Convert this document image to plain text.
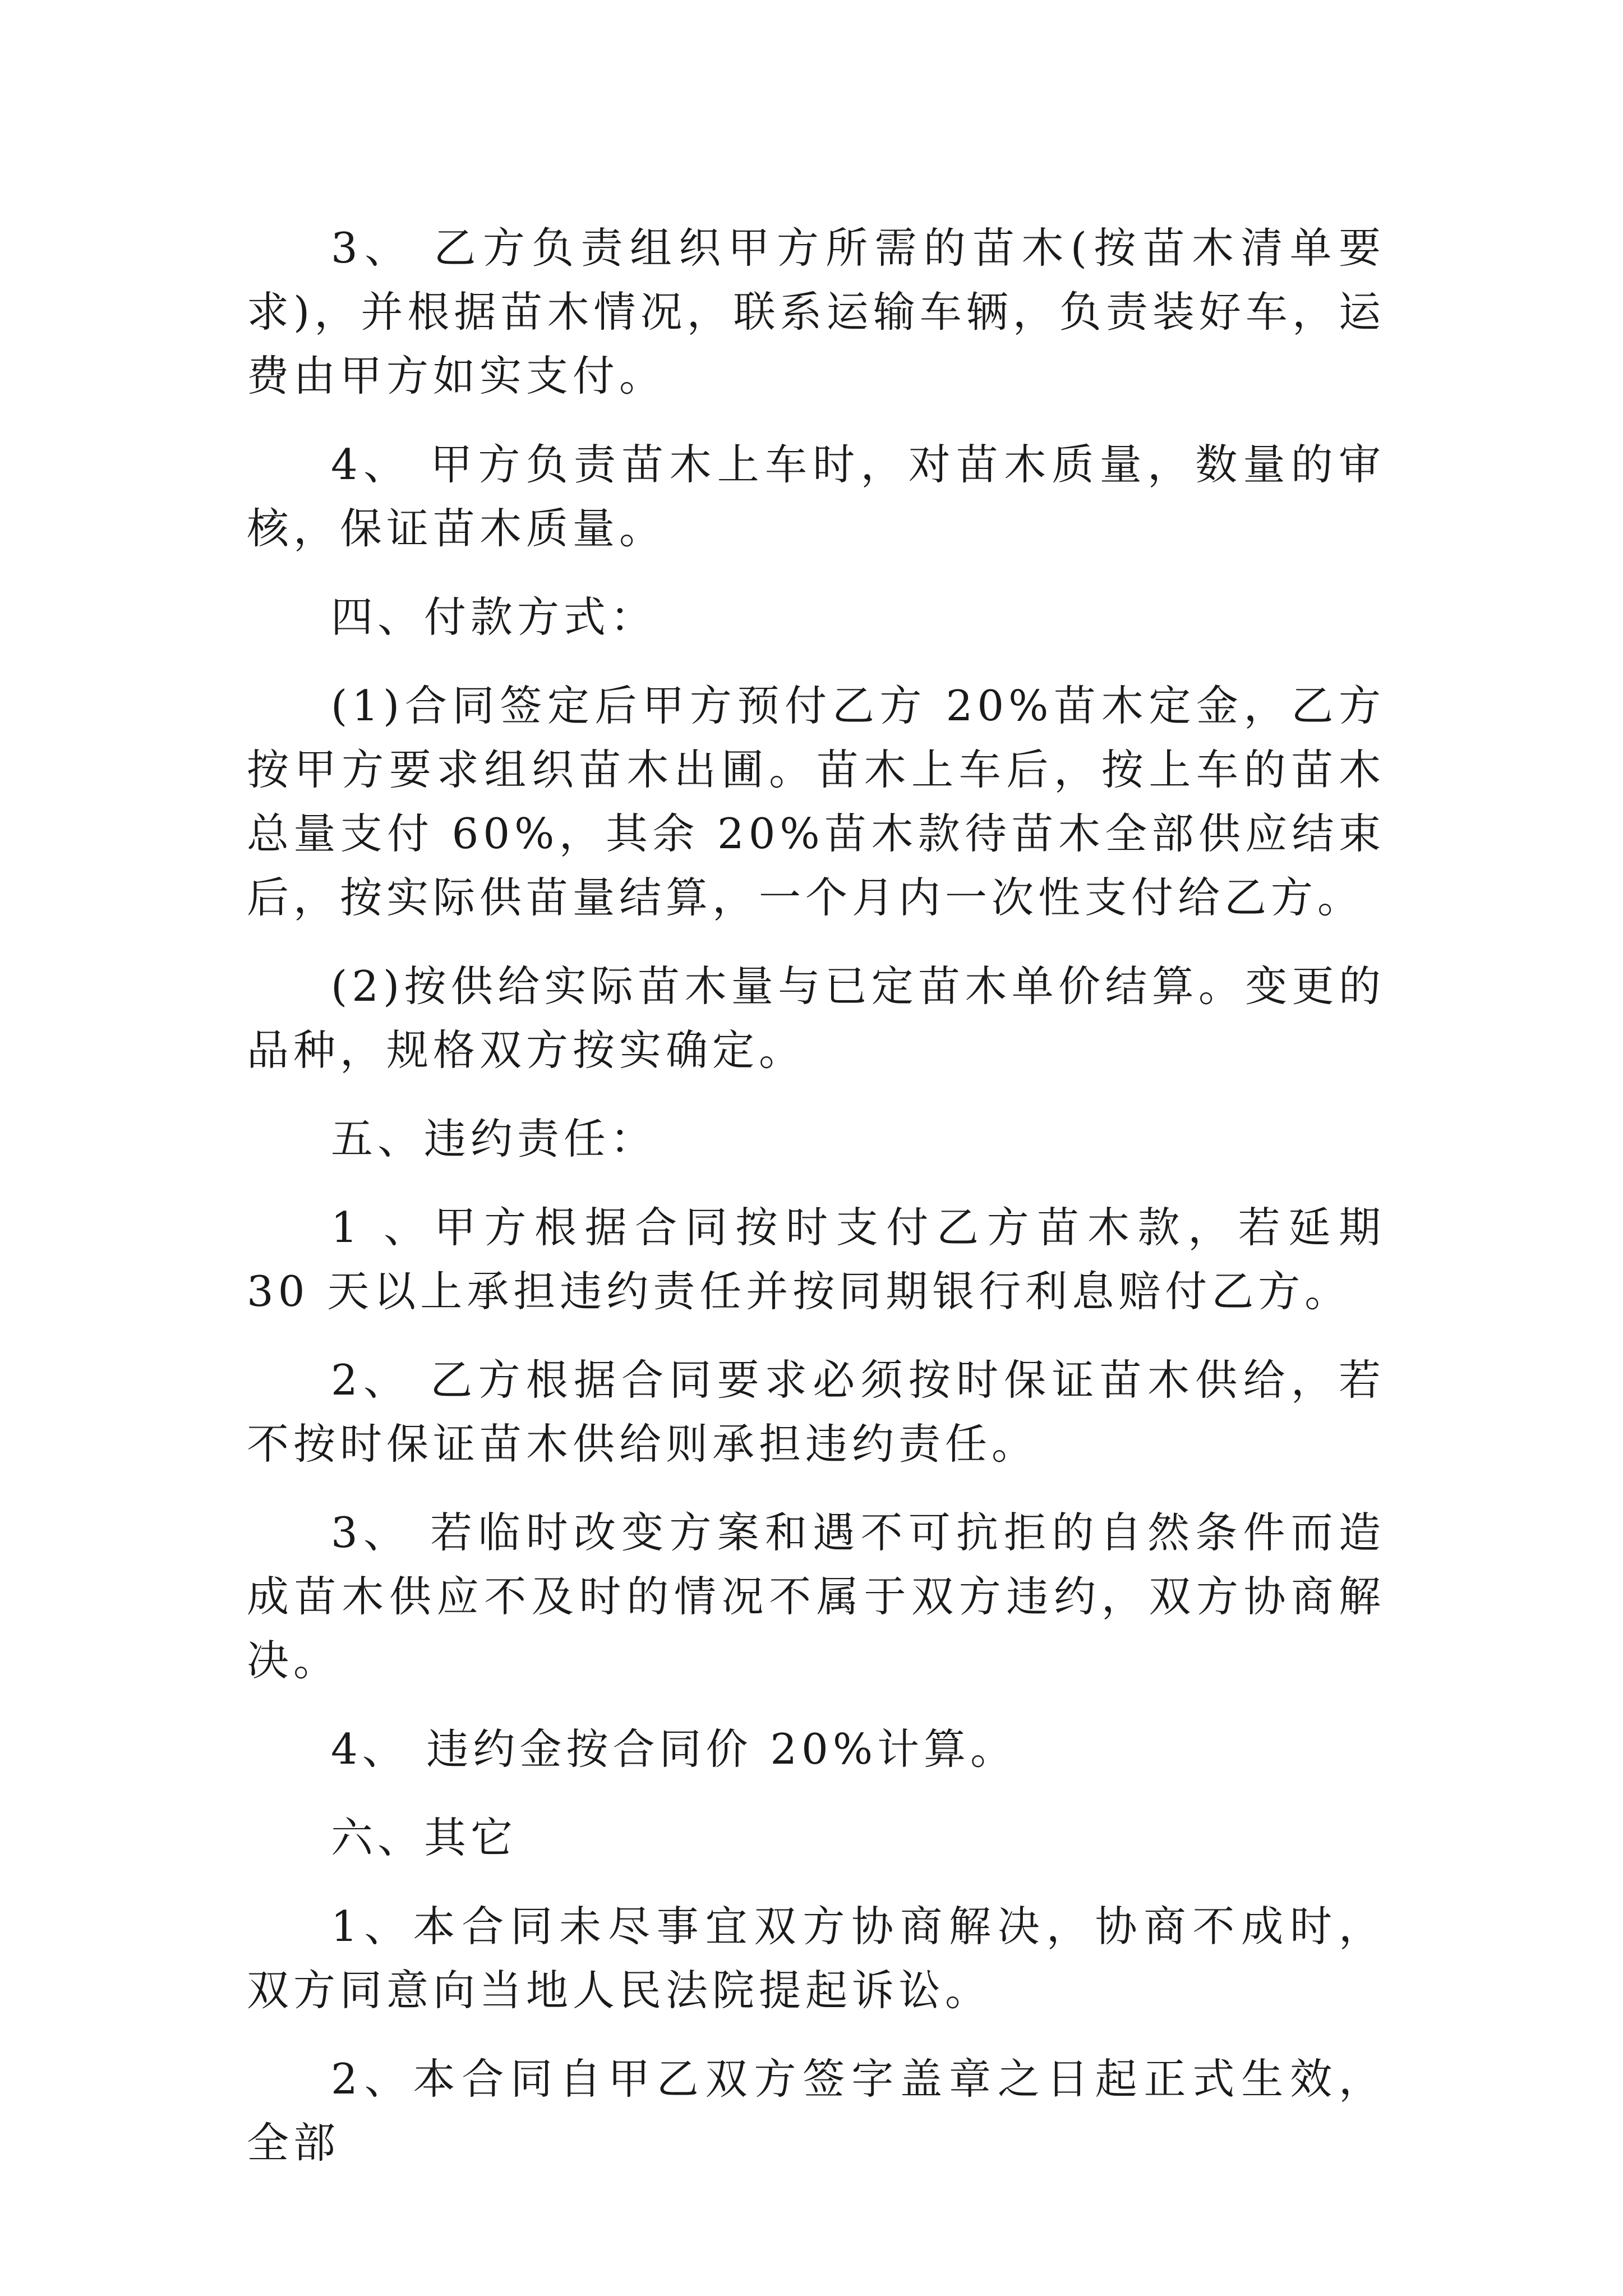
3、 乙方负责组织甲方所需的苗木(按苗木清单要求)，并根据苗木情况，联系运输车辆，负责装好车，运费由甲方如实支付。

4、 甲方负责苗木上车时，对苗木质量，数量的审核，保证苗木质量。

四、付款方式：

(1)合同签定后甲方预付乙方 20%苗木定金，乙方按甲方要求组织苗木出圃。苗木上车后，按上车的苗木总量支付 60%，其余 20%苗木款待苗木全部供应结束后，按实际供苗量结算，一个月内一次性支付给乙方。

(2)按供给实际苗木量与已定苗木单价结算。变更的品种，规格双方按实确定。

五、违约责任：

1 、甲方根据合同按时支付乙方苗木款，若延期 30 天以上承担违约责任并按同期银行利息赔付乙方。

2、 乙方根据合同要求必须按时保证苗木供给，若不按时保证苗木供给则承担违约责任。

3、 若临时改变方案和遇不可抗拒的自然条件而造成苗木供应不及时的情况不属于双方违约，双方协商解决。

4、 违约金按合同价 20%计算。

六、其它

1、本合同未尽事宜双方协商解决，协商不成时，双方同意向当地人民法院提起诉讼。

2、本合同自甲乙双方签字盖章之日起正式生效，全部
